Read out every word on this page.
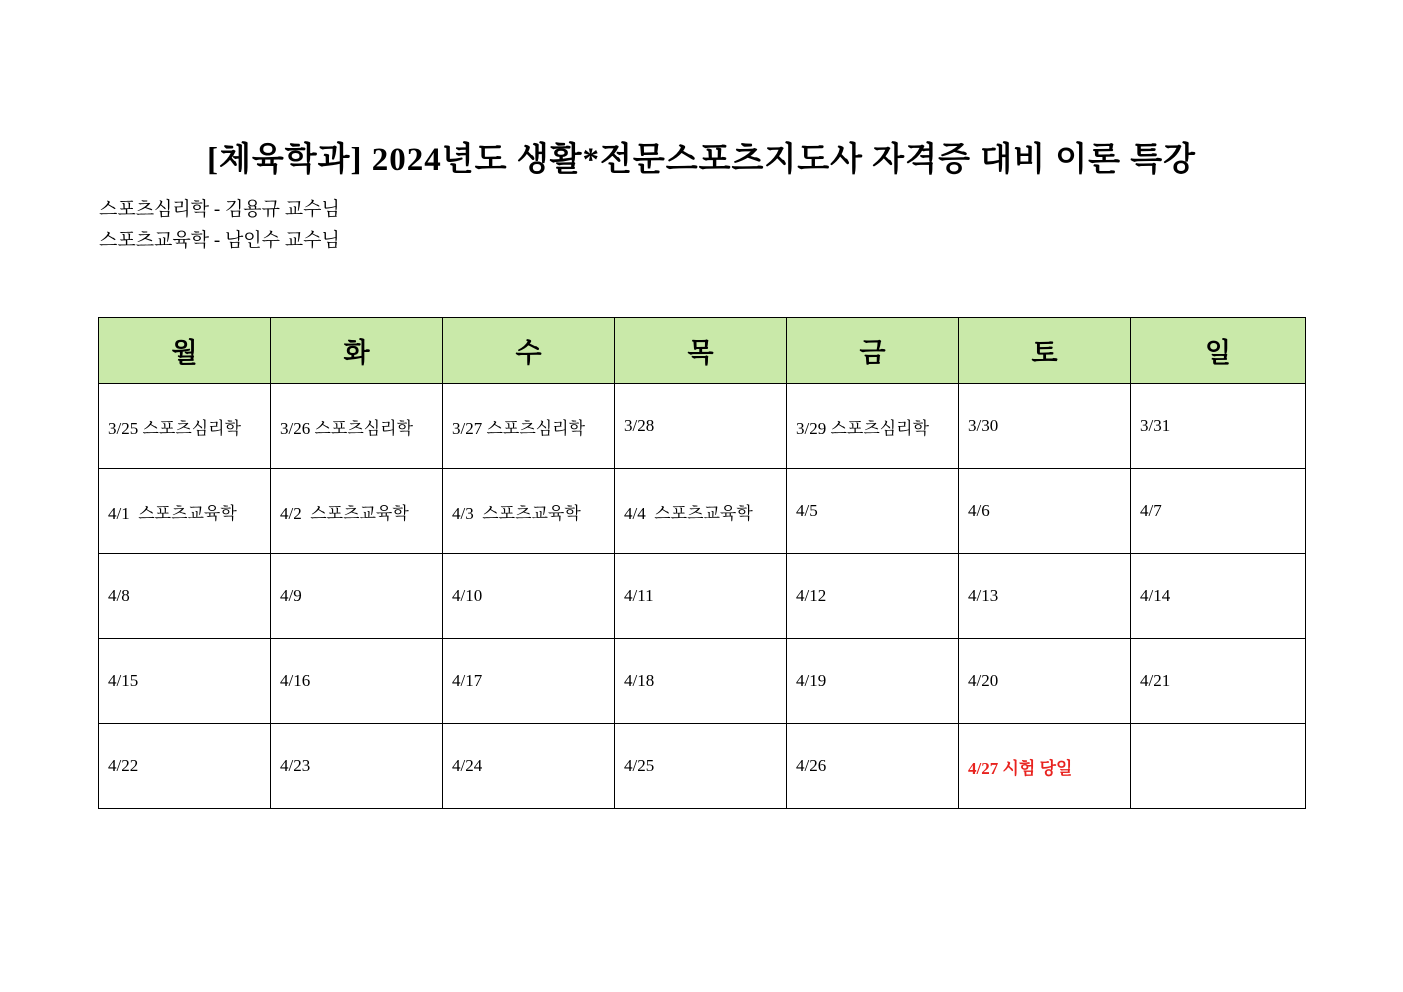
[체육학과] 2024년도 생활*전문스포츠지도사 자격증 대비 이론 특강
스포츠심리학 - 김용규 교수님
스포츠교육학 - 남인수 교수님
월	화	수	목	금	토	일
3/25 스포츠심리학	3/26 스포츠심리학	3/27 스포츠심리학	3/28	3/29 스포츠심리학	3/30	3/31
4/1  스포츠교육학	4/2  스포츠교육학	4/3  스포츠교육학	4/4  스포츠교육학	4/5	4/6	4/7
4/8	4/9	4/10	4/11	4/12	4/13	4/14
4/15	4/16	4/17	4/18	4/19	4/20	4/21
4/22	4/23	4/24	4/25	4/26	4/27 시험 당일	
